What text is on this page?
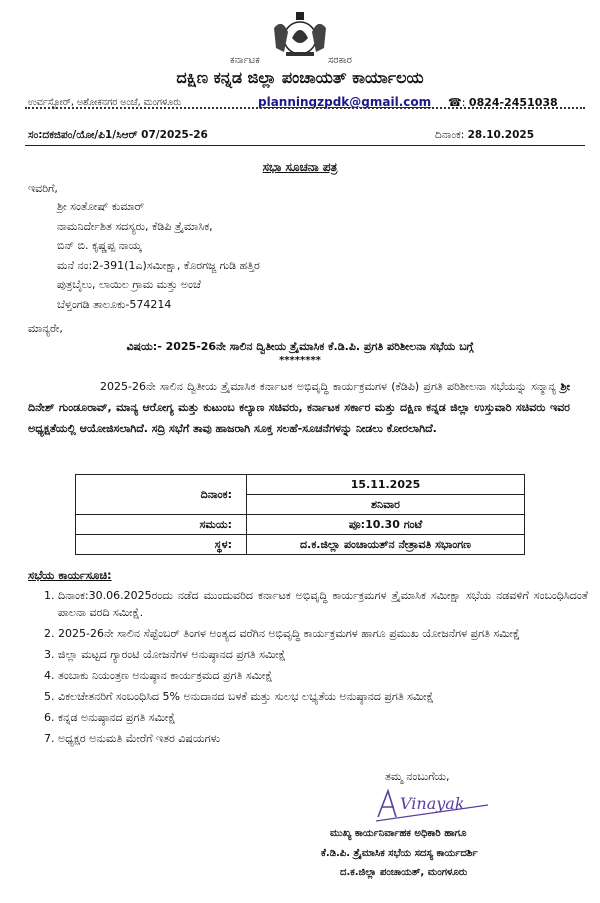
ಕರ್ನಾಟಕ	ಸರಕಾರ
ದಕ್ಷಿಣ ಕನ್ನಡ ಜಿಲ್ಲಾ ಪಂಚಾಯತ್ ಕಾರ್ಯಾಲಯ
ಉರ್ವಸ್ಟೋರ್, ಅಶೋಕನಗರ ಅಂಚೆ, ಮಂಗಳೂರು	planningzpdk@gmail.com ☎: 0824-2451038
ಸಂ:ದಕಜಿಪಂ/ಯೋ/ಪಿ1/ಸಿಆರ್ 07/2025-26	ದಿನಾಂಕ: 28.10.2025
ಸಭಾ ಸೂಚನಾ ಪತ್ರ
ಇವರಿಗೆ,
ಶ್ರೀ ಸಂತೋಷ್ ಕುಮಾರ್
ನಾಮನಿರ್ದೇಶಿತ ಸದಸ್ಯರು, ಕೆಡಿಪಿ ತ್ರೈಮಾಸಿಕ,
ಬಿನ್ ಬಿ. ಕೃಷ್ಣಪ್ಪ ನಾಯ್ಕ
ಮನೆ ನಂ:2-391(1ಎ)ಸಮೀಕ್ಷಾ, ಕೊರಗಜ್ಜ ಗುಡಿ ಹತ್ತಿರ
ಪುತ್ರಬೈಲು, ಲಾಯಿಲ ಗ್ರಾಮ ಮತ್ತು ಅಂಚೆ
ಬೆಳ್ತಂಗಡಿ ತಾಲೂಕು-574214
ಮಾನ್ಯರೇ,
ವಿಷಯ:- 2025-26ನೇ ಸಾಲಿನ ದ್ವಿತೀಯ ತ್ರೈಮಾಸಿಕ ಕೆ.ಡಿ.ಪಿ. ಪ್ರಗತಿ ಪರಿಶೀಲನಾ ಸಭೆಯ ಬಗ್ಗೆ
********
2025-26ನೇ ಸಾಲಿನ ದ್ವಿತೀಯ ತ್ರೈಮಾಸಿಕ ಕರ್ನಾಟಕ ಅಭಿವೃದ್ಧಿ ಕಾರ್ಯಕ್ರಮಗಳ (ಕೆಡಿಪಿ) ಪ್ರಗತಿ ಪರಿಶೀಲನಾ ಸಭೆಯನ್ನು ಸನ್ಮಾನ್ಯ ಶ್ರೀ ದಿನೇಶ್ ಗುಂಡೂರಾವ್, ಮಾನ್ಯ ಆರೋಗ್ಯ ಮತ್ತು ಕುಟುಂಬ ಕಲ್ಯಾಣ ಸಚಿವರು, ಕರ್ನಾಟಕ ಸರ್ಕಾರ ಮತ್ತು ದಕ್ಷಿಣ ಕನ್ನಡ ಜಿಲ್ಲಾ ಉಸ್ತುವಾರಿ ಸಚಿವರು ಇವರ ಅಧ್ಯಕ್ಷತೆಯಲ್ಲಿ ಆಯೋಜಿಸಲಾಗಿದೆ. ಸದ್ರಿ ಸಭೆಗೆ ತಾವು ಹಾಜರಾಗಿ ಸೂಕ್ತ ಸಲಹೆ-ಸೂಚನೆಗಳನ್ನು ನೀಡಲು ಕೋರಲಾಗಿದೆ.
ದಿನಾಂಕ:	15.11.2025
	ಶನಿವಾರ
ಸಮಯ:	ಪೂ:10.30 ಗಂಟೆ
ಸ್ಥಳ:	ದ.ಕ.ಜಿಲ್ಲಾ ಪಂಚಾಯತ್‌ನ ನೇತ್ರಾವತಿ ಸಭಾಂಗಣ
ಸಭೆಯ ಕಾರ್ಯಸೂಚಿ:
1. ದಿನಾಂಕ:30.06.2025ರಂದು ನಡೆದ ಮುಂದುವರಿದ ಕರ್ನಾಟಕ ಅಭಿವೃದ್ಧಿ ಕಾರ್ಯಕ್ರಮಗಳ ತ್ರೈಮಾಸಿಕ ಸಮೀಕ್ಷಾ ಸಭೆಯ ನಡವಳಿಗೆ ಸಂಬಂಧಿಸಿದಂತೆ ಪಾಲನಾ ವರದಿ ಸಮೀಕ್ಷೆ.
2. 2025-26ನೇ ಸಾಲಿನ ಸೆಪ್ಟೆಂಬರ್ ತಿಂಗಳ ಅಂತ್ಯದ ವರೆಗಿನ ಅಭಿವೃದ್ಧಿ ಕಾರ್ಯಕ್ರಮಗಳ ಹಾಗೂ ಪ್ರಮುಖ ಯೋಜನೆಗಳ ಪ್ರಗತಿ ಸಮೀಕ್ಷೆ
3. ಜಿಲ್ಲಾ ಮಟ್ಟದ ಗ್ಯಾರಂಟಿ ಯೋಜನೆಗಳ ಅನುಷ್ಠಾನದ ಪ್ರಗತಿ ಸಮೀಕ್ಷೆ
4. ತಂಬಾಕು ನಿಯಂತ್ರಣ ಅನುಷ್ಠಾನ ಕಾರ್ಯಕ್ರಮದ ಪ್ರಗತಿ ಸಮೀಕ್ಷೆ
5. ವಿಕಲಚೇತನರಿಗೆ ಸಂಬಂಧಿಸಿದ 5% ಅನುದಾನದ ಬಳಕೆ ಮತ್ತು ಸುಲಭ ಲಭ್ಯತೆಯ ಅನುಷ್ಠಾನದ ಪ್ರಗತಿ ಸಮೀಕ್ಷೆ
6. ಕನ್ನಡ ಅನುಷ್ಠಾನದ ಪ್ರಗತಿ ಸಮೀಕ್ಷೆ
7. ಅಧ್ಯಕ್ಷರ ಅನುಮತಿ ಮೇರೆಗೆ ಇತರ ವಿಷಯಗಳು
ತಮ್ಮ ನಂಬುಗೆಯ,
Vinayak
ಮುಖ್ಯ ಕಾರ್ಯನಿರ್ವಾಹಕ ಅಧಿಕಾರಿ ಹಾಗೂ
ಕೆ.ಡಿ.ಪಿ. ತ್ರೈಮಾಸಿಕ ಸಭೆಯ ಸದಸ್ಯ ಕಾರ್ಯದರ್ಶಿ
ದ.ಕ.ಜಿಲ್ಲಾ ಪಂಚಾಯತ್, ಮಂಗಳೂರು
